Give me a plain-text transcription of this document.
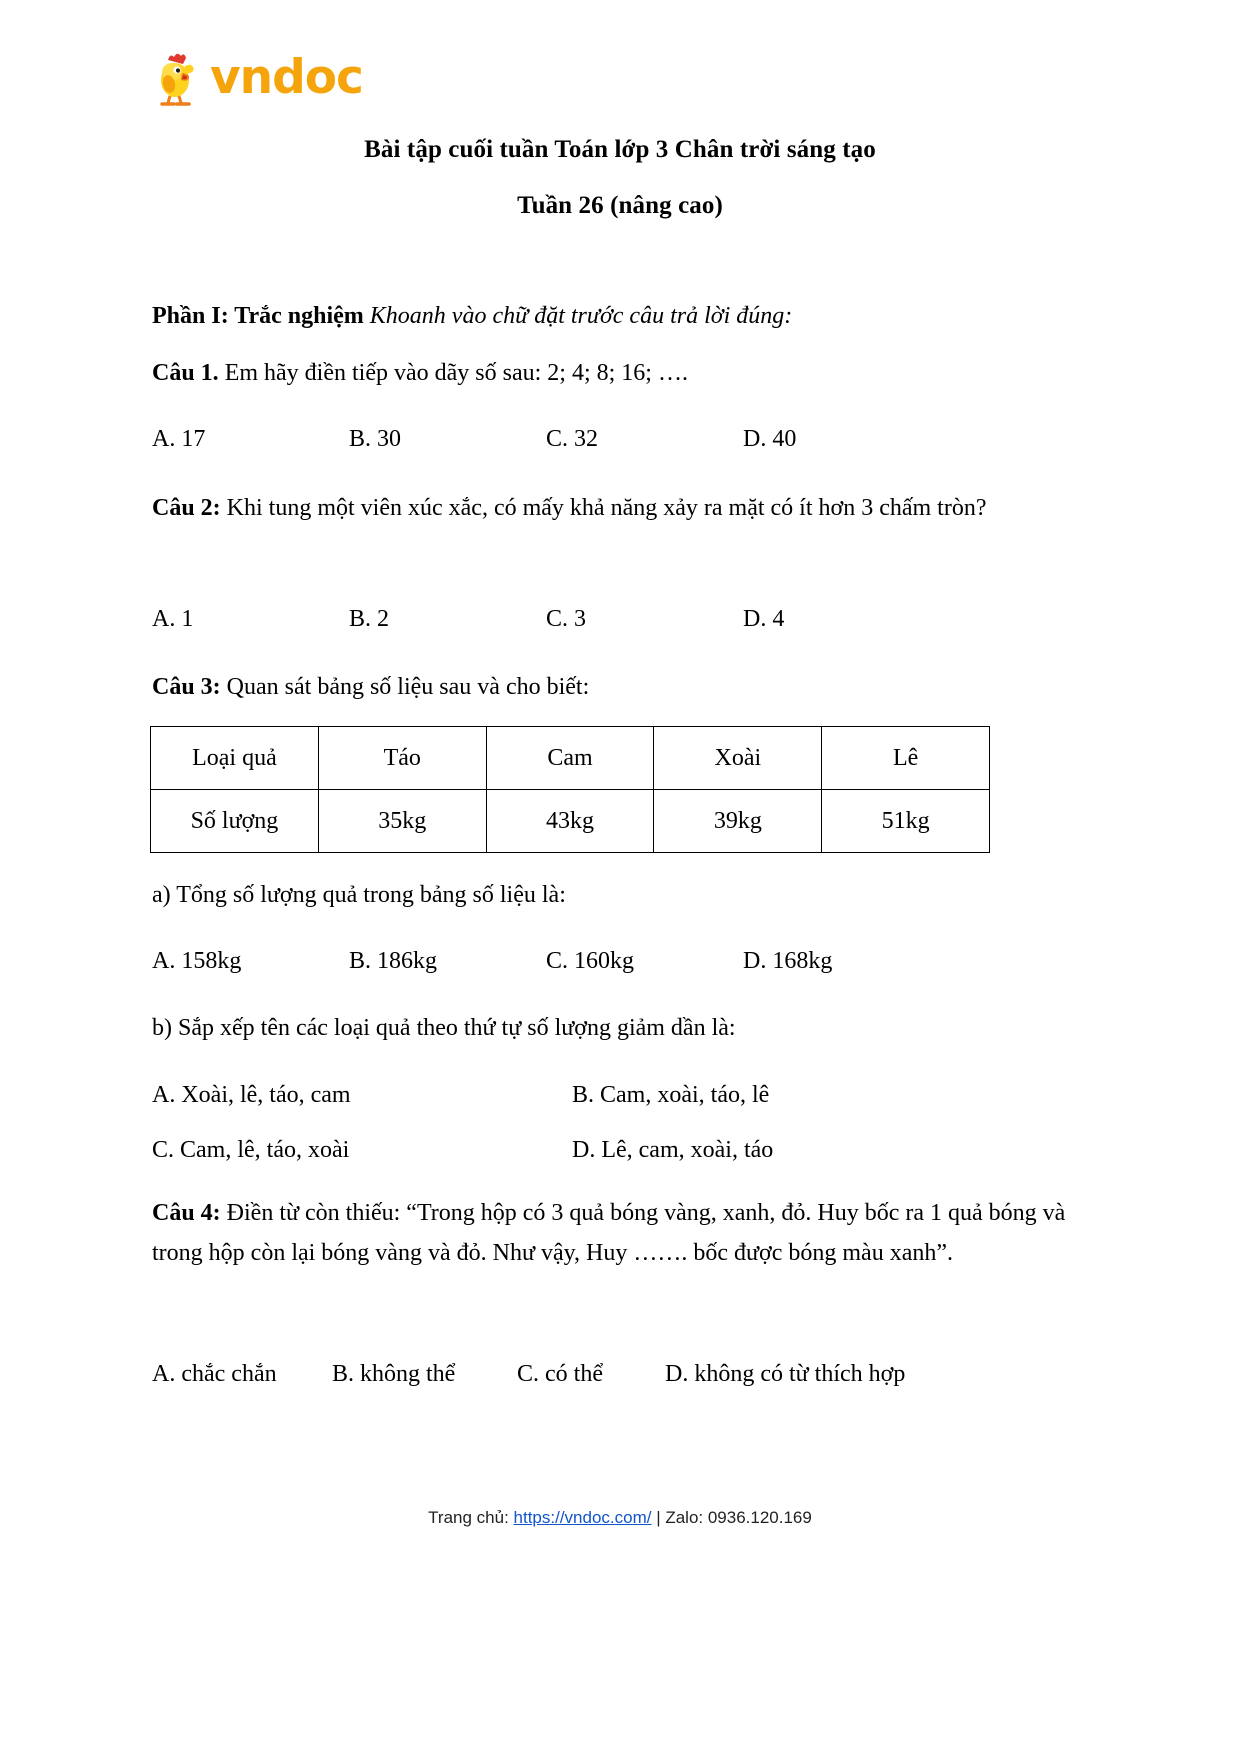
vndoc
Bài tập cuối tuần Toán lớp 3 Chân trời sáng tạo
Tuần 26 (nâng cao)
Phần I: Trắc nghiệm Khoanh vào chữ đặt trước câu trả lời đúng:
Câu 1. Em hãy điền tiếp vào dãy số sau: 2; 4; 8; 16; ….
A. 17	B. 30	C. 32	D. 40
Câu 2: Khi tung một viên xúc xắc, có mấy khả năng xảy ra mặt có ít hơn 3 chấm tròn?
A. 1	B. 2	C. 3	D. 4
Câu 3: Quan sát bảng số liệu sau và cho biết:
Loại quả	Táo	Cam	Xoài	Lê
Số lượng	35kg	43kg	39kg	51kg
a) Tổng số lượng quả trong bảng số liệu là:
A. 158kg	B. 186kg	C. 160kg	D. 168kg
b) Sắp xếp tên các loại quả theo thứ tự số lượng giảm dần là:
A. Xoài, lê, táo, cam	B. Cam, xoài, táo, lê
C. Cam, lê, táo, xoài	D. Lê, cam, xoài, táo
Câu 4: Điền từ còn thiếu: “Trong hộp có 3 quả bóng vàng, xanh, đỏ. Huy bốc ra 1 quả bóng và trong hộp còn lại bóng vàng và đỏ. Như vậy, Huy ……. bốc được bóng màu xanh”.
A. chắc chắn	B. không thể	C. có thể	D. không có từ thích hợp
Trang chủ: https://vndoc.com/ | Zalo: 0936.120.169
